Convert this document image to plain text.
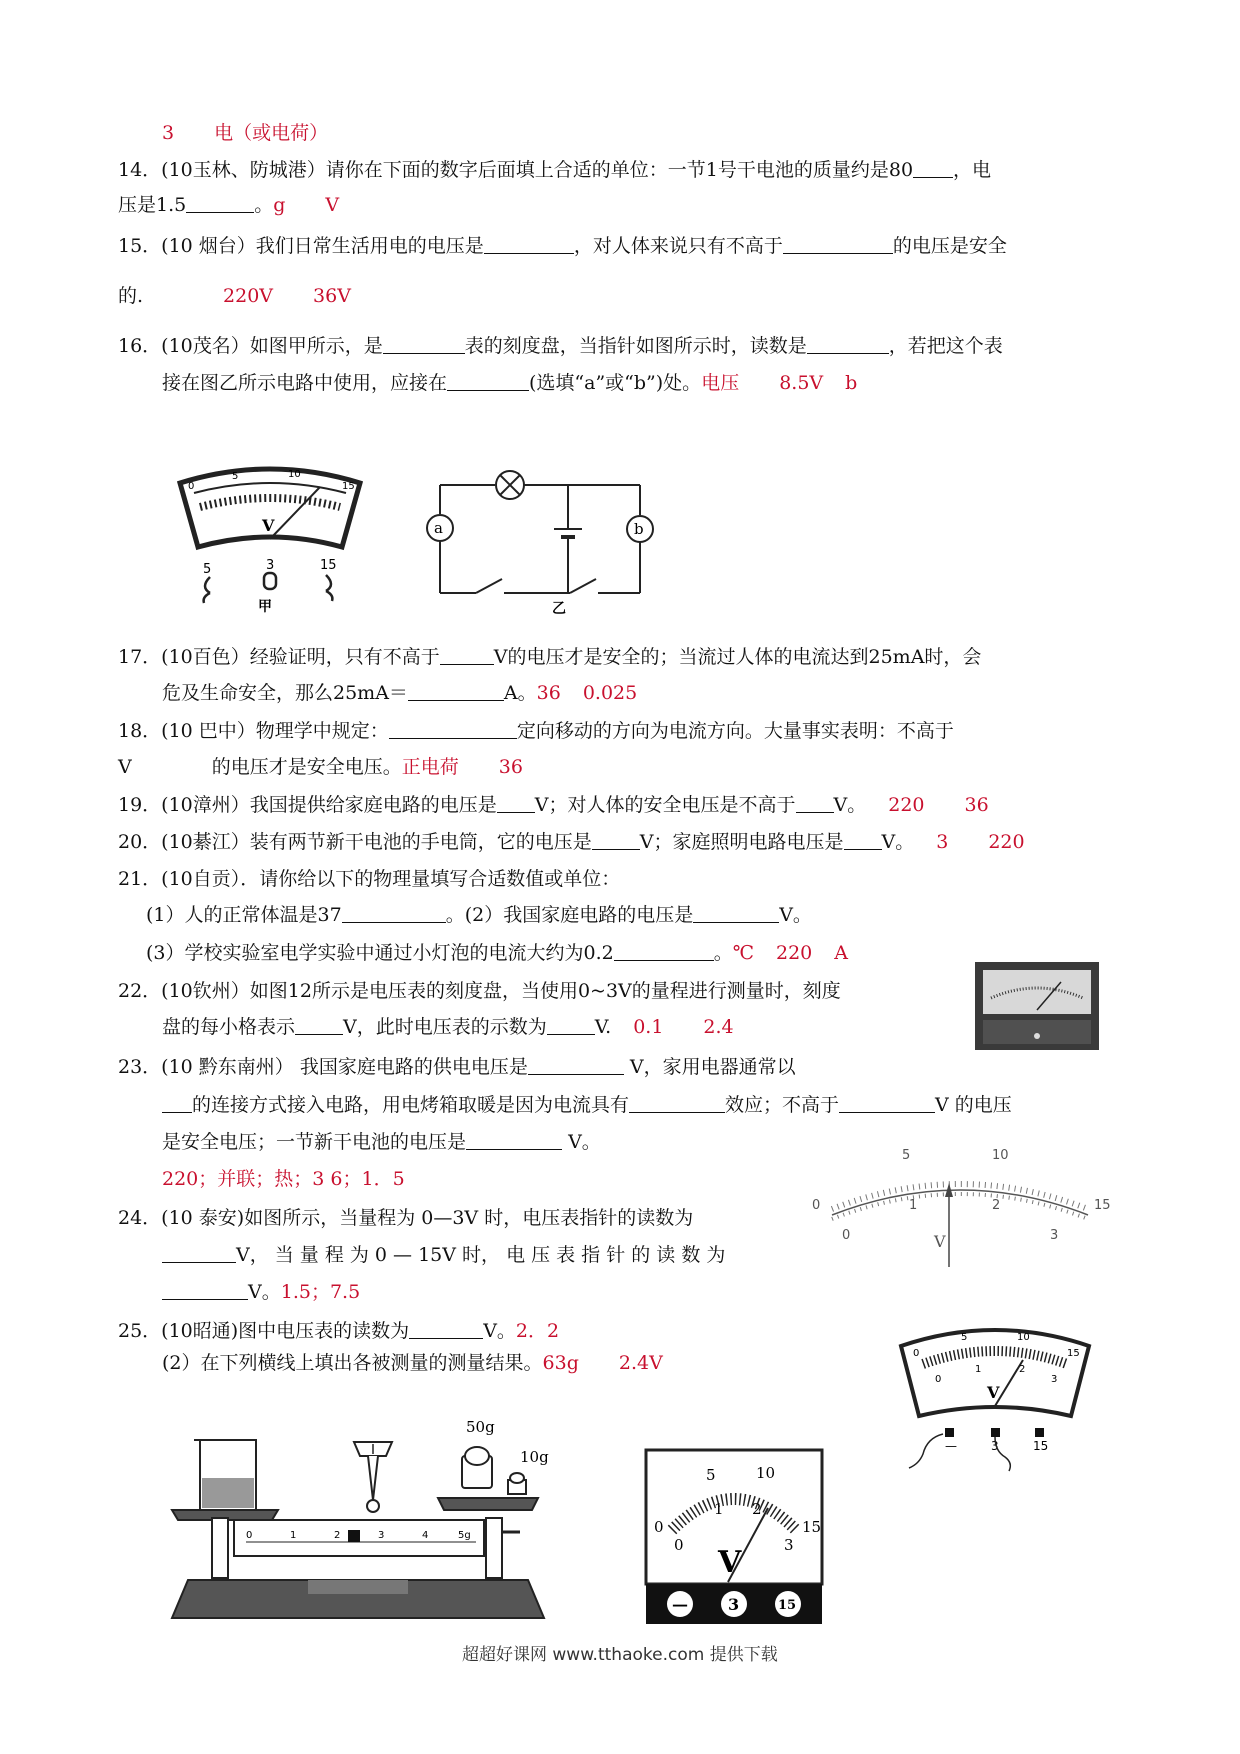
3 电（或电荷）
14．(10玉林、防城港）请你在下面的数字后面填上合适的单位：一节1号干电池的质量约是80 ，电
压是1.5	。g V
15．(10 烟台）我们日常生活用电的电压是	，对人体来说只有不高于	的电压是安全
的.	220V 36V
16．(10茂名）如图甲所示，是	表的刻度盘，当指针如图所示时，读数是	，若把这个表
接在图乙所示电路中使用，应接在	(选填“a”或“b”)处。电压 8.5V b
0
5	10
15
V
5	3	15
甲
a	b
乙
17．(10百色）经验证明，只有不高于	V的电压才是安全的；当流过人体的电流达到25mA时，会
危及生命安全，那么25mA＝	A。36 0.025
18．(10 巴中）物理学中规定：	定向移动的方向为电流方向。大量事实表明：不高于
V	的电压才是安全电压。正电荷 36
19．(10漳州）我国提供给家庭电路的电压是 V；对人体的安全电压是不高于 V。 220 36
20．(10綦江）装有两节新干电池的手电筒，它的电压是	V；家庭照明电路电压是 V。 3 220
21．(10自贡）．请你给以下的物理量填写合适数值或单位：
(1）人的正常体温是37	。(2）我国家庭电路的电压是	V。
(3）学校实验室电学实验中通过小灯泡的电流大约为0.2	。℃ 220 A
22．(10钦州）如图12所示是电压表的刻度盘，当使用0~3V的量程进行测量时，刻度
盘的每小格表示	V，此时电压表的示数为	V. 0.1 2.4
23．(10 黔东南州） 我国家庭电路的供电电压是	V，家用电器通常以
的连接方式接入电路，用电烤箱取暖是因为电流具有	效应；不高于	V 的电压
是安全电压；一节新干电池的电压是	V。
220；并联；热；3 6；1．5
24．(10 泰安)如图所示，当量程为 0—3V 时，电压表指针的读数为
V， 当 量 程 为 0 — 15V 时， 电 压 表 指 针 的 读 数 为
V。1.5；7.5
5	10
0	15
0
1	2
3
V
25．(10昭通)图中电压表的读数为	V。2．2
(2）在下列横线上填出各被测量的测量结果。63g 2.4V	0
5	10
15
0
1	2
3
V
—	3	15
50g
10g
0	1	2	3	4	5g	0
5	10
15
0
1 2
3
V
—	3	15
超超好课网 www.tthaoke.com 提供下载
